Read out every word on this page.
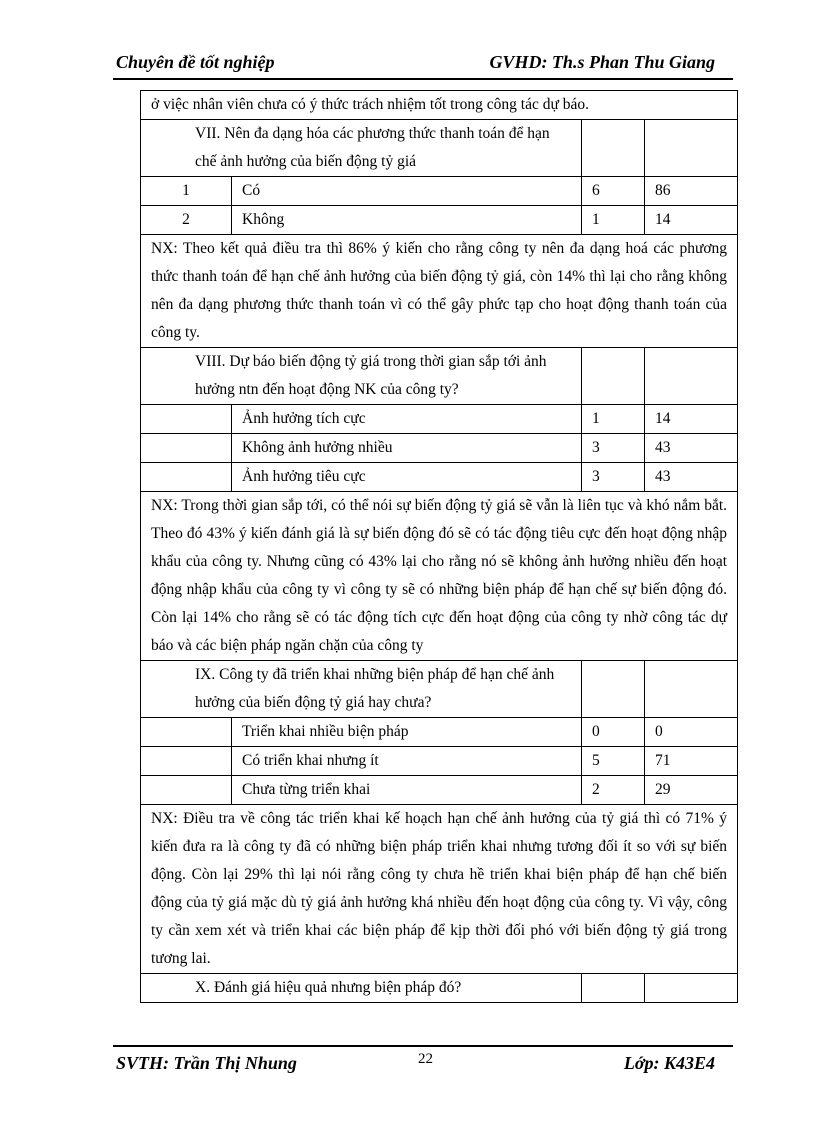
Chuyên đề tốt nghiệp	GVHD: Th.s Phan Thu Giang
ở việc nhân viên chưa có ý thức trách nhiệm tốt trong công tác dự báo.			

VII. Nên đa dạng hóa các phương thức thanh toán để hạn chế ảnh hưởng của biến động tỷ giá			

1	Có	6	86
2	Không	1	14
NX: Theo kết quả điều tra thì 86% ý kiến cho rằng công ty nên đa dạng hoá các phương thức thanh toán để hạn chế ảnh hưởng của biến động tỷ giá, còn 14% thì lại cho rằng không nên đa dạng phương thức thanh toán vì có thể gây phức tạp cho hoạt động thanh toán của công ty.			

VIII. Dự báo biến động tỷ giá trong thời gian sắp tới ảnh hưởng ntn đến hoạt động NK của công ty?			

	Ảnh hưởng tích cực	1	14
	Không ảnh hưởng nhiều	3	43
	Ảnh hưởng tiêu cực	3	43
NX: Trong thời gian sắp tới, có thể nói sự biến động tỷ giá sẽ vẫn là liên tục và khó nắm bắt. Theo đó 43% ý kiến đánh giá là sự biến động đó sẽ có tác động tiêu cực đến hoạt động nhập khẩu của công ty. Nhưng cũng có 43% lại cho rằng nó sẽ không ảnh hưởng nhiều đến hoạt động nhập khẩu của công ty vì công ty sẽ có những biện pháp để hạn chế sự biến động đó. Còn lại 14% cho rằng sẽ có tác động tích cực đến hoạt động của công ty nhờ công tác dự báo và các biện pháp ngăn chặn của công ty			

IX. Công ty đã triển khai những biện pháp để hạn chế ảnh hưởng của biến động tỷ giá hay chưa?			

	Triển khai nhiều biện pháp	0	0
	Có triển khai nhưng ít	5	71
	Chưa từng triển khai	2	29
NX: Điều tra về công tác triển khai kế hoạch hạn chế ảnh hưởng của tỷ giá thì có 71% ý kiến đưa ra là công ty đã có những biện pháp triển khai nhưng tương đối ít so với sự biến động. Còn lại 29% thì lại nói rằng công ty chưa hề triển khai biện pháp để hạn chế biến động của tỷ giá mặc dù tỷ giá ảnh hưởng khá nhiều đến hoạt động của công ty. Vì vậy, công ty cần xem xét và triển khai các biện pháp để kịp thời đối phó với biến động tỷ giá trong tương lai.			

X. Đánh giá hiệu quả nhưng biện pháp đó?			

SVTH: Trần Thị Nhung	22	Lớp: K43E4
